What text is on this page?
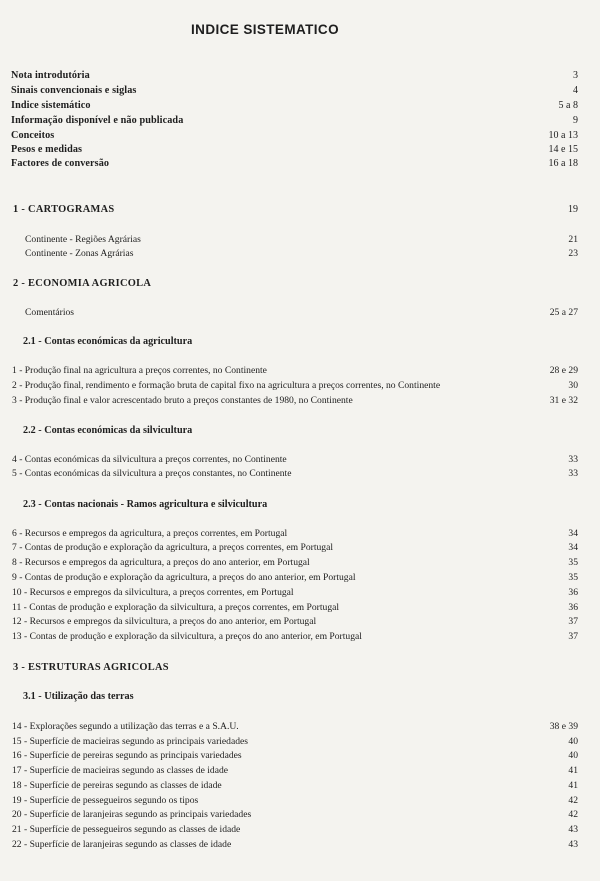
INDICE SISTEMATICO
Nota introdutória	3
Sinais convencionais e siglas	4
Indice sistemático	5 a 8
Informação disponível e não publicada	9
Conceitos	10 a 13
Pesos e medidas	14 e 15
Factores de conversão	16 a 18
1 - CARTOGRAMAS	19
Continente - Regiões Agrárias	21
Continente - Zonas Agrárias	23
2 - ECONOMIA AGRICOLA
Comentários	25 a 27
2.1 - Contas económicas da agricultura
1 - Produção final na agricultura a preços correntes, no Continente	28 e 29
2 - Produção final, rendimento e formação bruta de capital fixo na agricultura a preços correntes, no Continente	30
3 - Produção final e valor acrescentado bruto a preços constantes de 1980, no Continente	31 e 32
2.2 - Contas económicas da silvicultura
4 - Contas económicas da silvicultura a preços correntes, no Continente	33
5 - Contas económicas da silvicultura a preços constantes, no Continente	33
2.3 - Contas nacionais - Ramos agricultura e silvicultura
6 - Recursos e empregos da agricultura, a preços correntes, em Portugal	34
7 - Contas de produção e exploração da agricultura, a preços correntes, em Portugal	34
8 - Recursos e empregos da agricultura, a preços do ano anterior, em Portugal	35
9 - Contas de produção e exploração da agricultura, a preços do ano anterior, em Portugal	35
10 - Recursos e empregos da silvicultura, a preços correntes, em Portugal	36
11 - Contas de produção e exploração da silvicultura, a preços correntes, em Portugal	36
12 - Recursos e empregos da silvicultura, a preços do ano anterior, em Portugal	37
13 - Contas de produção e exploração da silvicultura, a preços do ano anterior, em Portugal	37
3 - ESTRUTURAS AGRICOLAS
3.1 - Utilização das terras
14 - Explorações segundo a utilização das terras e a S.A.U.	38 e 39
15 - Superfície de macieiras segundo as principais variedades	40
16 - Superfície de pereiras segundo as principais variedades	40
17 - Superfície de macieiras segundo as classes de idade	41
18 - Superfície de pereiras segundo as classes de idade	41
19 - Superfície de pessegueiros segundo os tipos	42
20 - Superfície de laranjeiras segundo as principais variedades	42
21 - Superfície de pessegueiros segundo as classes de idade	43
22 - Superfície de laranjeiras segundo as classes de idade	43
